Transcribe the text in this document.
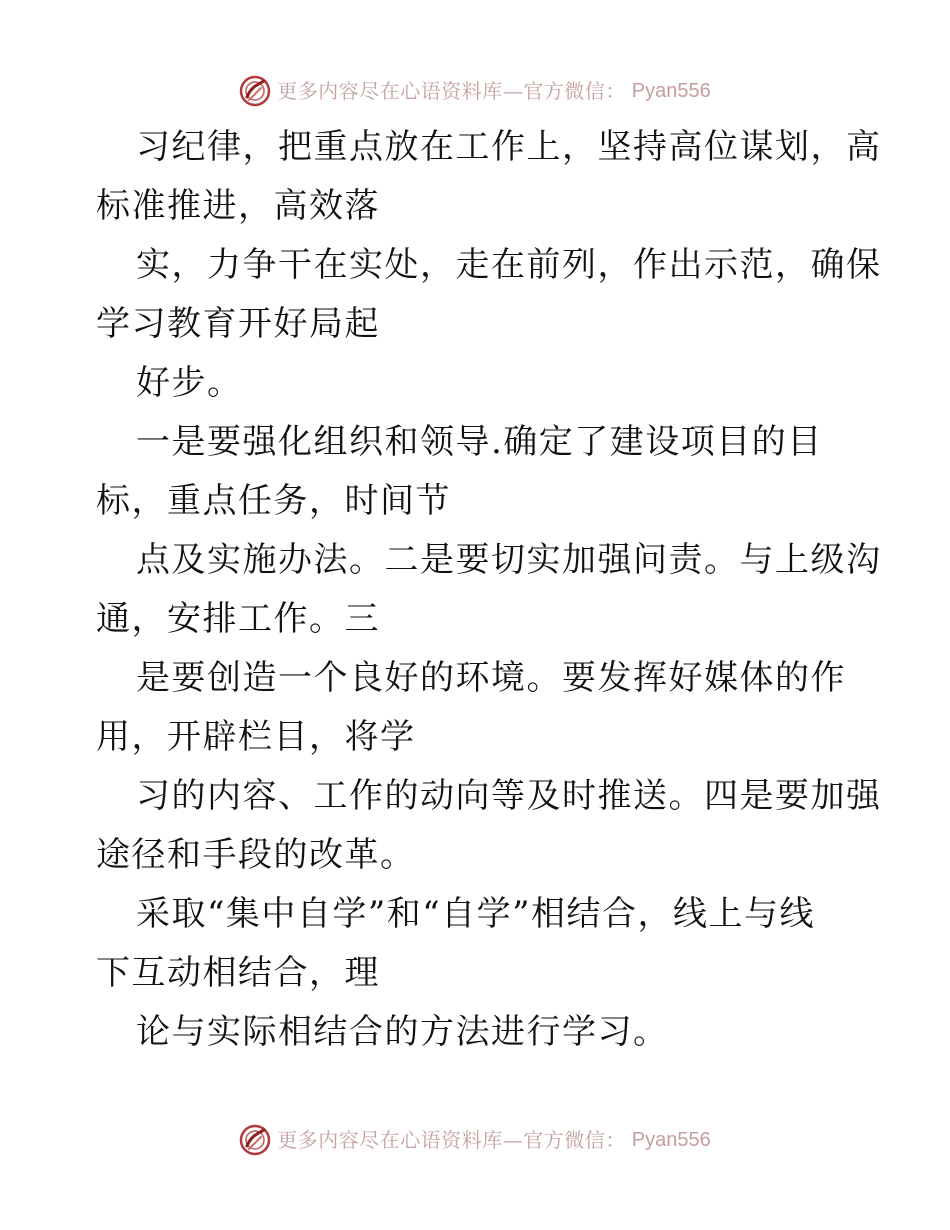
更多内容尽在心语资料库—官方微信： Pyan556
习纪律，把重点放在工作上，坚持高位谋划，高
标准推进，高效落
实，力争干在实处，走在前列，作出示范，确保
学习教育开好局起
好步。
一是要强化组织和领导.确定了建设项目的目
标，重点任务，时间节
点及实施办法。二是要切实加强问责。与上级沟
通，安排工作。三
是要创造一个良好的环境。要发挥好媒体的作
用，开辟栏目，将学
习的内容、工作的动向等及时推送。四是要加强
途径和手段的改革。
采取“集中自学”和“自学”相结合，线上与线
下互动相结合，理
论与实际相结合的方法进行学习。
更多内容尽在心语资料库—官方微信： Pyan556
